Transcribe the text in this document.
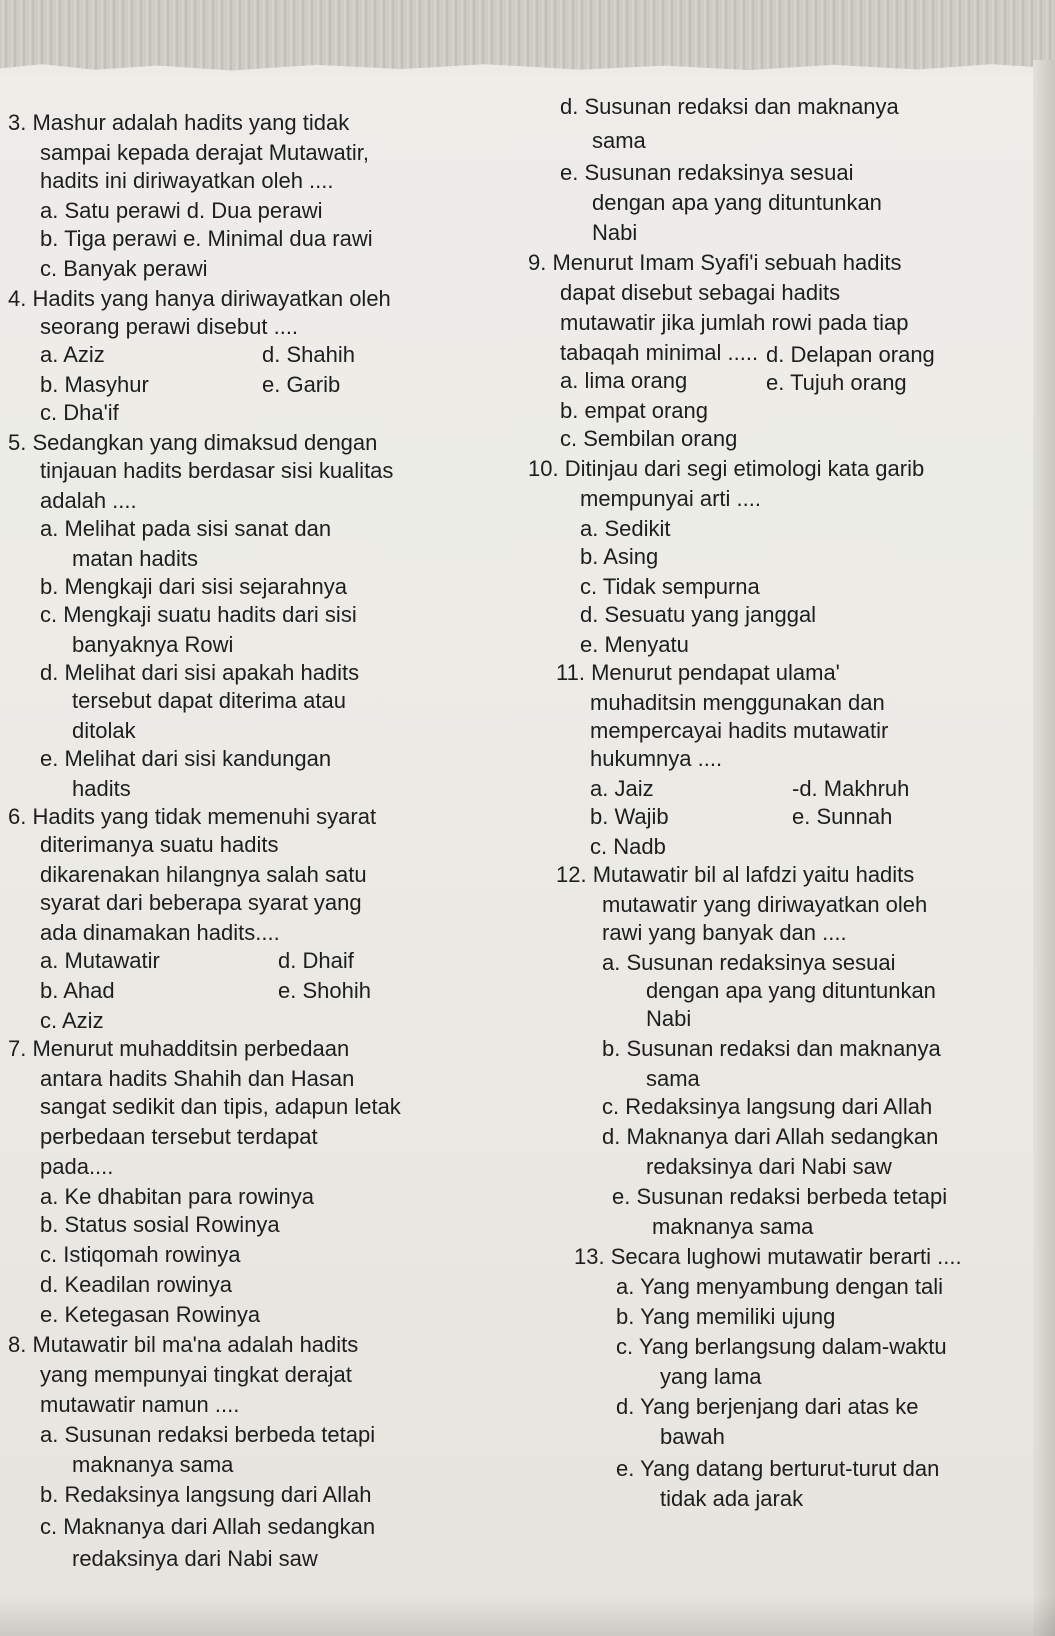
3. Mashur adalah hadits yang tidak
sampai kepada derajat Mutawatir,
hadits ini diriwayatkan oleh ....
a. Satu perawi d. Dua perawi
b. Tiga perawi e. Minimal dua rawi
c. Banyak perawi
4. Hadits yang hanya diriwayatkan oleh
seorang perawi disebut ....
a. Aziz	d. Shahih
b. Masyhur	e. Garib
c. Dha'if
5. Sedangkan yang dimaksud dengan
tinjauan hadits berdasar sisi kualitas
adalah ....
a. Melihat pada sisi sanat dan
matan hadits
b. Mengkaji dari sisi sejarahnya
c. Mengkaji suatu hadits dari sisi
banyaknya Rowi
d. Melihat dari sisi apakah hadits
tersebut dapat diterima atau
ditolak
e. Melihat dari sisi kandungan
hadits
6. Hadits yang tidak memenuhi syarat
diterimanya suatu hadits
dikarenakan hilangnya salah satu
syarat dari beberapa syarat yang
ada dinamakan hadits....
a. Mutawatir	d. Dhaif
b. Ahad	e. Shohih
c. Aziz
7. Menurut muhadditsin perbedaan
antara hadits Shahih dan Hasan
sangat sedikit dan tipis, adapun letak
perbedaan tersebut terdapat
pada....
a. Ke dhabitan para rowinya
b. Status sosial Rowinya
c. Istiqomah rowinya
d. Keadilan rowinya
e. Ketegasan Rowinya
8. Mutawatir bil ma'na adalah hadits
yang mempunyai tingkat derajat
mutawatir namun ....
a. Susunan redaksi berbeda tetapi
maknanya sama
b. Redaksinya langsung dari Allah
c. Maknanya dari Allah sedangkan
redaksinya dari Nabi saw
d. Susunan redaksi dan maknanya
sama
e. Susunan redaksinya sesuai
dengan apa yang dituntunkan
Nabi
9. Menurut Imam Syafi'i sebuah hadits
dapat disebut sebagai hadits
mutawatir jika jumlah rowi pada tiap
tabaqah minimal .....
a. lima orang
d. Delapan orang
b. empat orang
e. Tujuh orang
c. Sembilan orang
10. Ditinjau dari segi etimologi kata garib
mempunyai arti ....
a. Sedikit
b. Asing
c. Tidak sempurna
d. Sesuatu yang janggal
e. Menyatu
11. Menurut pendapat ulama'
muhaditsin menggunakan dan
mempercayai hadits mutawatir
hukumnya ....
a. Jaiz	-d. Makhruh
b. Wajib	e. Sunnah
c. Nadb
12. Mutawatir bil al lafdzi yaitu hadits
mutawatir yang diriwayatkan oleh
rawi yang banyak dan ....
a. Susunan redaksinya sesuai
dengan apa yang dituntunkan
Nabi
b. Susunan redaksi dan maknanya
sama
c. Redaksinya langsung dari Allah
d. Maknanya dari Allah sedangkan
redaksinya dari Nabi saw
e. Susunan redaksi berbeda tetapi
maknanya sama
13. Secara lughowi mutawatir berarti ....
a. Yang menyambung dengan tali
b. Yang memiliki ujung
c. Yang berlangsung dalam-waktu
yang lama
d. Yang berjenjang dari atas ke
bawah
e. Yang datang berturut-turut dan
tidak ada jarak
